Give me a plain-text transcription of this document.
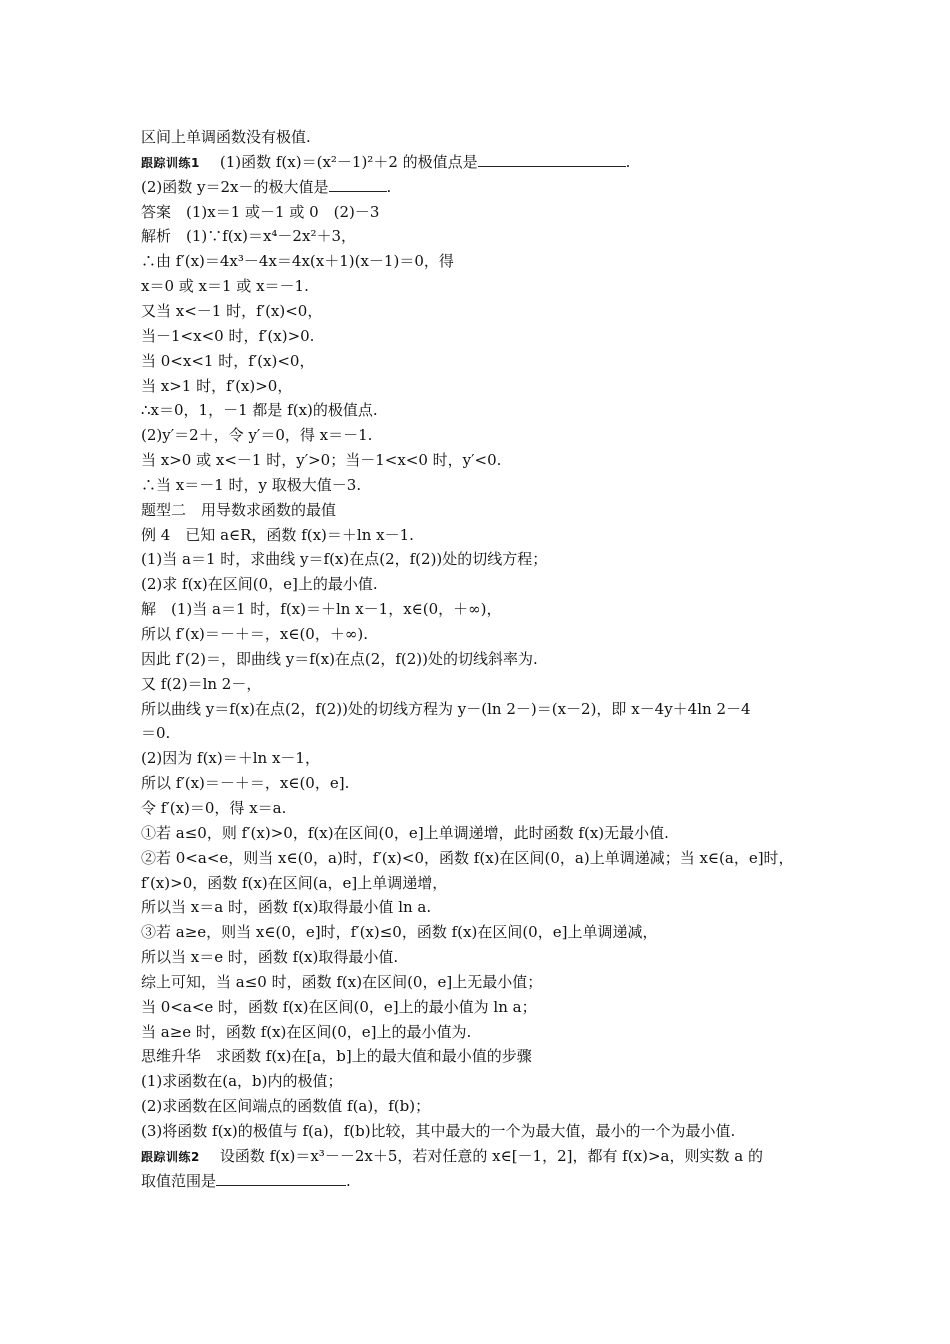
区间上单调函数没有极值.
跟踪训练1 (1)函数 f(x)＝(x²－1)²＋2 的极值点是	.
(2)函数 y＝2x－的极大值是	.
答案　(1)x＝1 或－1 或 0　(2)－3
解析　(1)∵f(x)＝x⁴－2x²＋3，
∴由 f′(x)＝4x³－4x＝4x(x＋1)(x－1)＝0，得
x＝0 或 x＝1 或 x＝－1.
又当 x<－1 时，f′(x)<0，
当－1<x<0 时，f′(x)>0.
当 0<x<1 时，f′(x)<0，
当 x>1 时，f′(x)>0，
∴x＝0，1，－1 都是 f(x)的极值点.
(2)y′＝2＋，令 y′＝0，得 x＝－1.
当 x>0 或 x<－1 时，y′>0；当－1<x<0 时，y′<0.
∴当 x＝－1 时，y 取极大值－3.
题型二　用导数求函数的最值
例 4　已知 a∈R，函数 f(x)＝＋ln x－1.
(1)当 a＝1 时，求曲线 y＝f(x)在点(2，f(2))处的切线方程；
(2)求 f(x)在区间(0，e]上的最小值.
解　(1)当 a＝1 时，f(x)＝＋ln x－1，x∈(0，＋∞)，
所以 f′(x)＝－＋＝，x∈(0，＋∞).
因此 f′(2)＝，即曲线 y＝f(x)在点(2，f(2))处的切线斜率为.
又 f(2)＝ln 2－，
所以曲线 y＝f(x)在点(2，f(2))处的切线方程为 y－(ln 2－)＝(x－2)，即 x－4y＋4ln 2－4
＝0.
(2)因为 f(x)＝＋ln x－1，
所以 f′(x)＝－＋＝，x∈(0，e].
令 f′(x)＝0，得 x＝a.
①若 a≤0，则 f′(x)>0，f(x)在区间(0，e]上单调递增，此时函数 f(x)无最小值.
②若 0<a<e，则当 x∈(0，a)时，f′(x)<0，函数 f(x)在区间(0，a)上单调递减；当 x∈(a，e]时，
f′(x)>0，函数 f(x)在区间(a，e]上单调递增，
所以当 x＝a 时，函数 f(x)取得最小值 ln a.
③若 a≥e，则当 x∈(0，e]时，f′(x)≤0，函数 f(x)在区间(0，e]上单调递减，
所以当 x＝e 时，函数 f(x)取得最小值.
综上可知，当 a≤0 时，函数 f(x)在区间(0，e]上无最小值；
当 0<a<e 时，函数 f(x)在区间(0，e]上的最小值为 ln a；
当 a≥e 时，函数 f(x)在区间(0，e]上的最小值为.
思维升华　求函数 f(x)在[a，b]上的最大值和最小值的步骤
(1)求函数在(a，b)内的极值；
(2)求函数在区间端点的函数值 f(a)，f(b)；
(3)将函数 f(x)的极值与 f(a)，f(b)比较，其中最大的一个为最大值，最小的一个为最小值.
跟踪训练2 设函数 f(x)＝x³－－2x＋5，若对任意的 x∈[－1，2]，都有 f(x)>a，则实数 a 的
取值范围是	.
